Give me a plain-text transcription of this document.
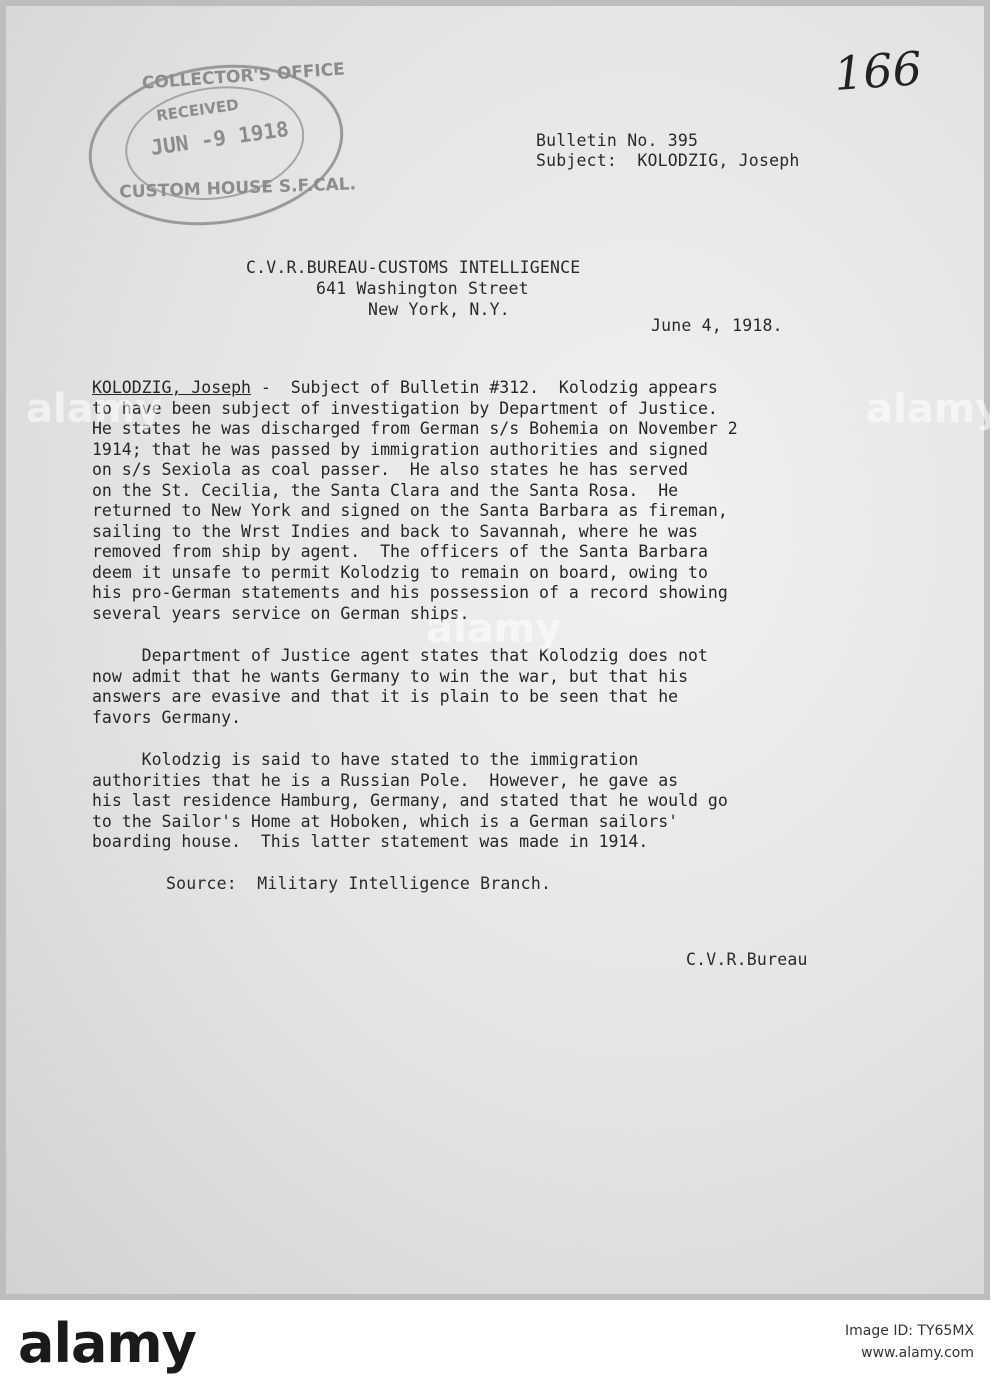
COLLECTOR'S OFFICE
RECEIVED
JUN -9 1918
CUSTOM HOUSE S.F.CAL.
166
Bulletin No. 395
Subject:  KOLODZIG, Joseph
C.V.R.BUREAU-CUSTOMS INTELLIGENCE
641 Washington Street
New York, N.Y.
June 4, 1918.
KOLODZIG, Joseph -  Subject of Bulletin #312.  Kolodzig appears
to have been subject of investigation by Department of Justice.
He states he was discharged from German s/s Bohemia on November 2
1914; that he was passed by immigration authorities and signed
on s/s Sexiola as coal passer.  He also states he has served
on the St. Cecilia, the Santa Clara and the Santa Rosa.  He
returned to New York and signed on the Santa Barbara as fireman,
sailing to the Wrst Indies and back to Savannah, where he was
removed from ship by agent.  The officers of the Santa Barbara
deem it unsafe to permit Kolodzig to remain on board, owing to
his pro-German statements and his possession of a record showing
several years service on German ships.
Department of Justice agent states that Kolodzig does not
now admit that he wants Germany to win the war, but that his
answers are evasive and that it is plain to be seen that he
favors Germany.
Kolodzig is said to have stated to the immigration
authorities that he is a Russian Pole.  However, he gave as
his last residence Hamburg, Germany, and stated that he would go
to the Sailor's Home at Hoboken, which is a German sailors'
boarding house.  This latter statement was made in 1914.
Source:  Military Intelligence Branch.
C.V.R.Bureau
alamy	alamy
alamy
alamy	Image ID: TY65MX
www.alamy.com
